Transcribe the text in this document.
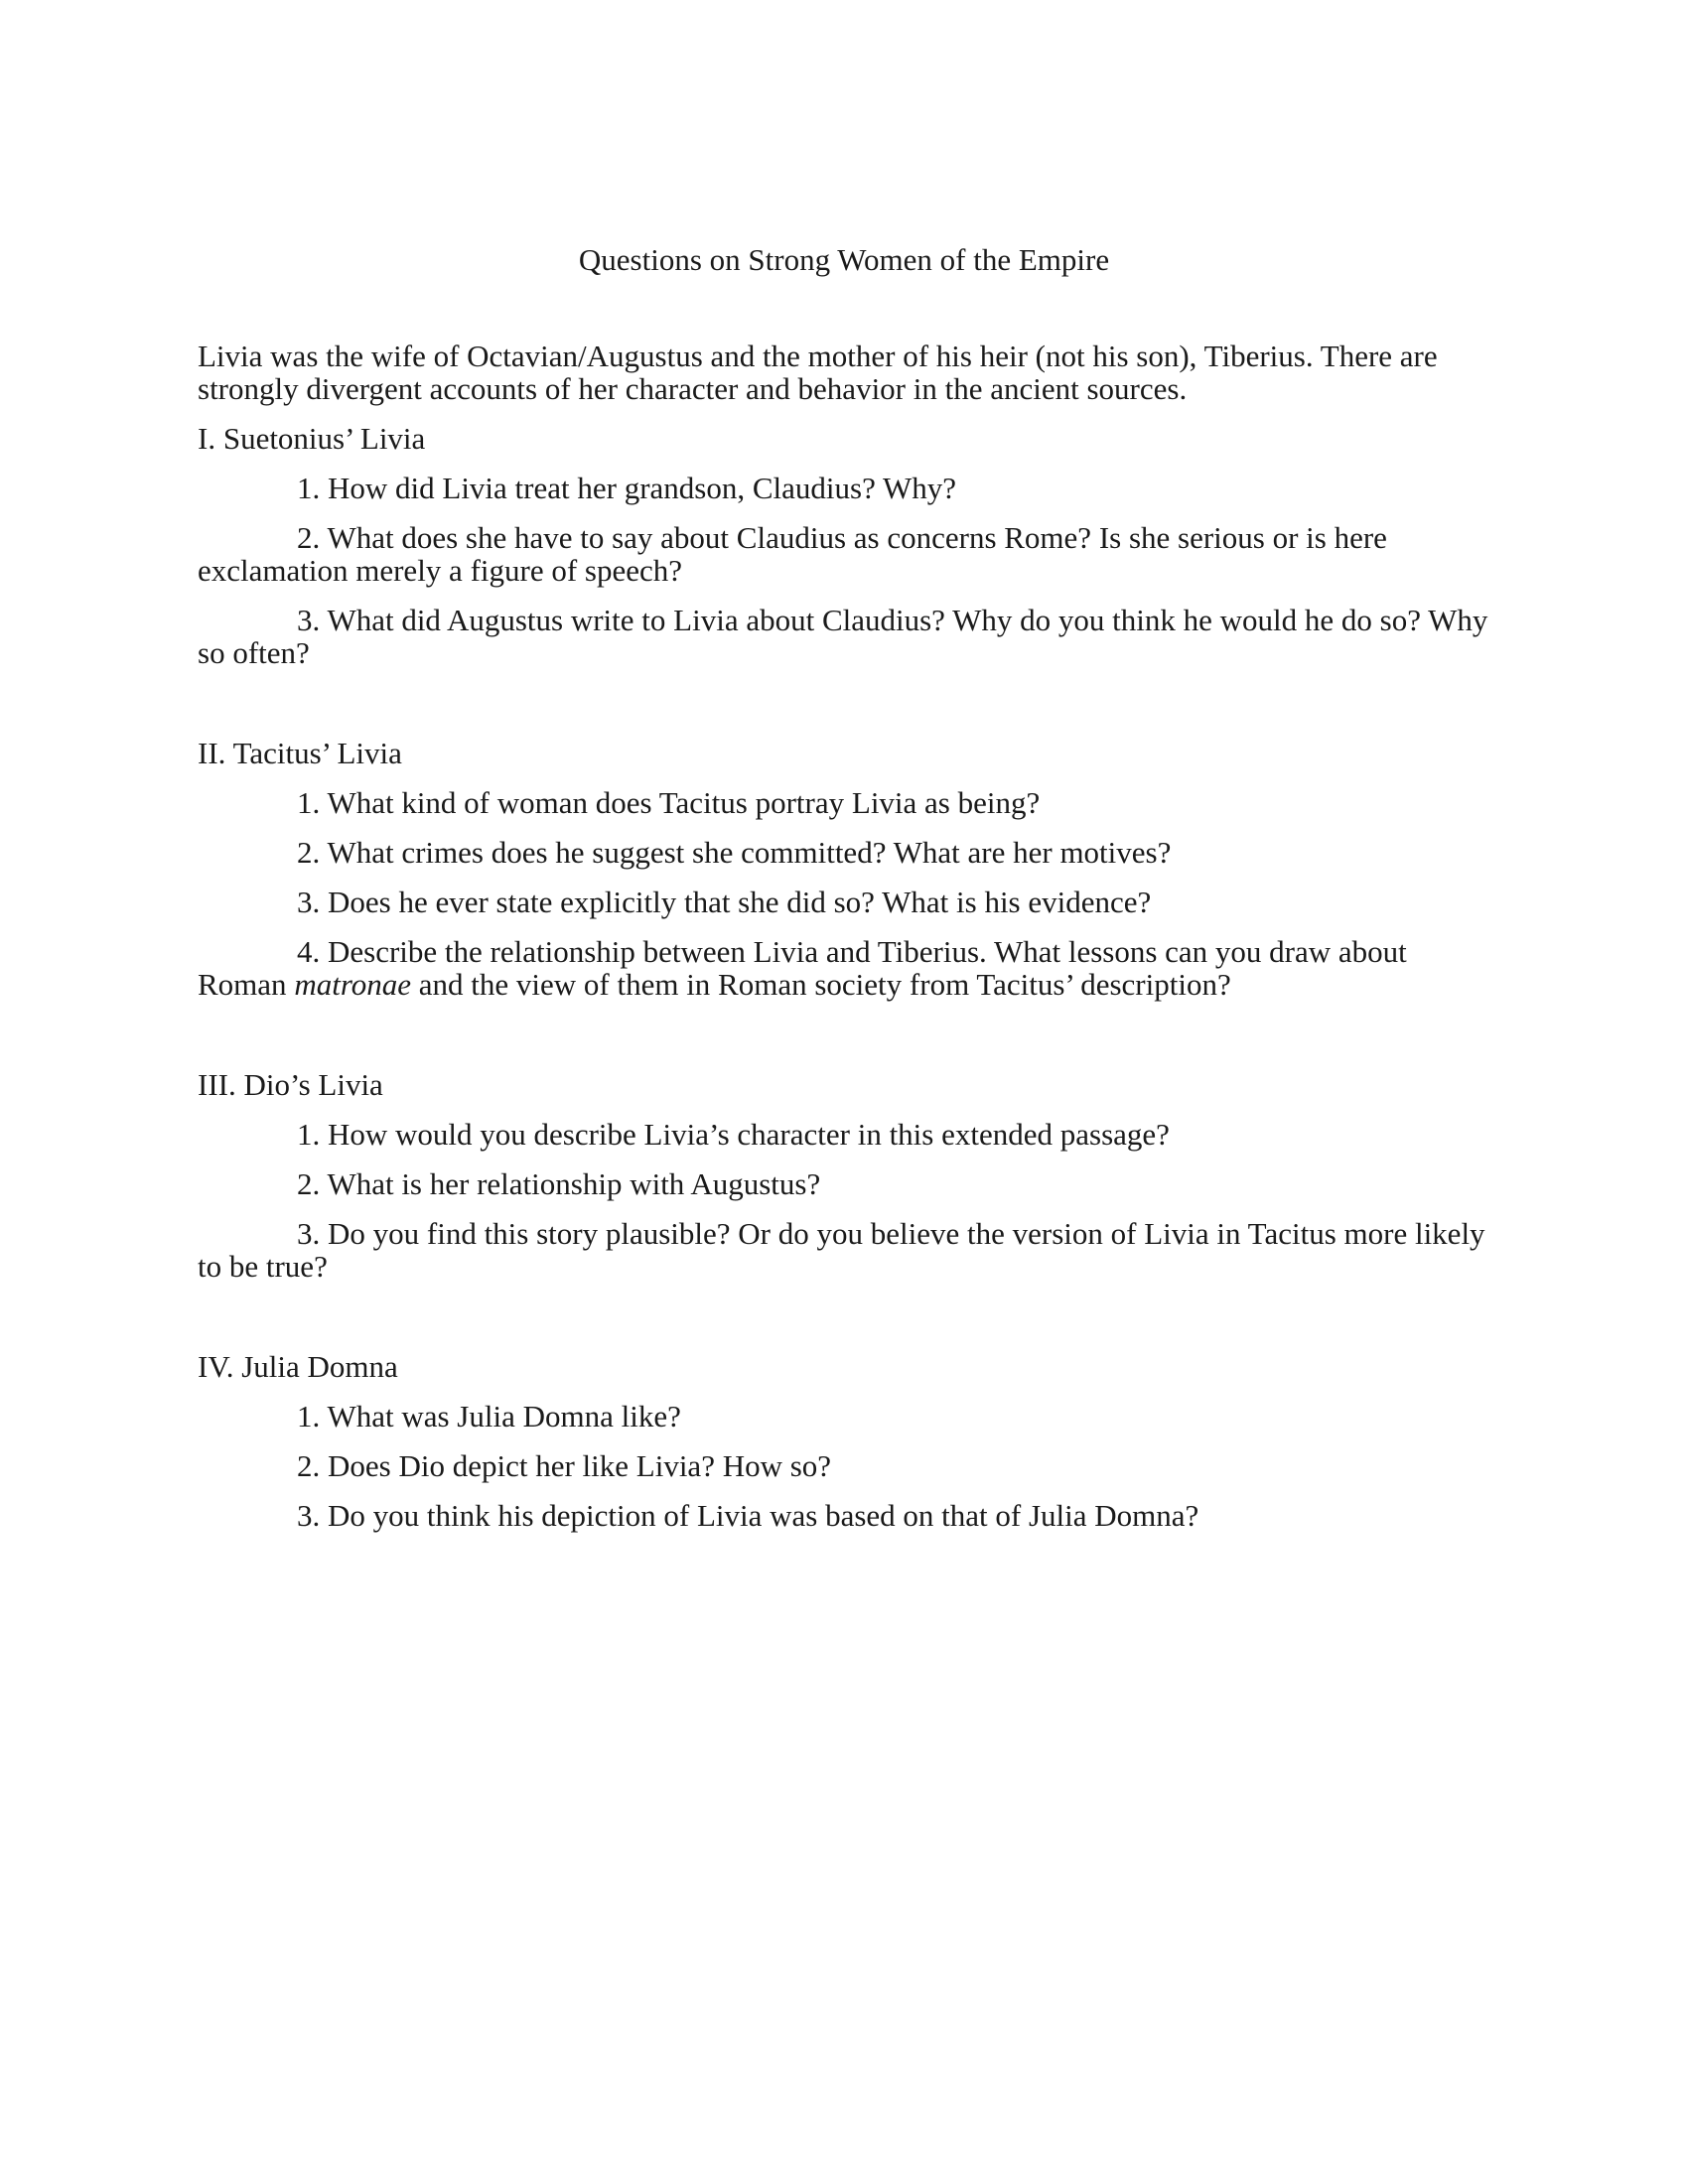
Questions on Strong Women of the Empire

Livia was the wife of Octavian/Augustus and the mother of his heir (not his son), Tiberius. There are strongly divergent accounts of her character and behavior in the ancient sources.

I. Suetonius’ Livia

1. How did Livia treat her grandson, Claudius? Why?

2. What does she have to say about Claudius as concerns Rome? Is she serious or is here exclamation merely a figure of speech?

3. What did Augustus write to Livia about Claudius? Why do you think he would he do so? Why so often?

II. Tacitus’ Livia

1. What kind of woman does Tacitus portray Livia as being?

2. What crimes does he suggest she committed? What are her motives?

3. Does he ever state explicitly that she did so? What is his evidence?

4. Describe the relationship between Livia and Tiberius. What lessons can you draw about Roman matronae and the view of them in Roman society from Tacitus’ description?

III. Dio’s Livia

1. How would you describe Livia’s character in this extended passage?

2. What is her relationship with Augustus?

3. Do you find this story plausible? Or do you believe the version of Livia in Tacitus more likely to be true?

IV. Julia Domna

1. What was Julia Domna like?

2. Does Dio depict her like Livia? How so?

3. Do you think his depiction of Livia was based on that of Julia Domna?
